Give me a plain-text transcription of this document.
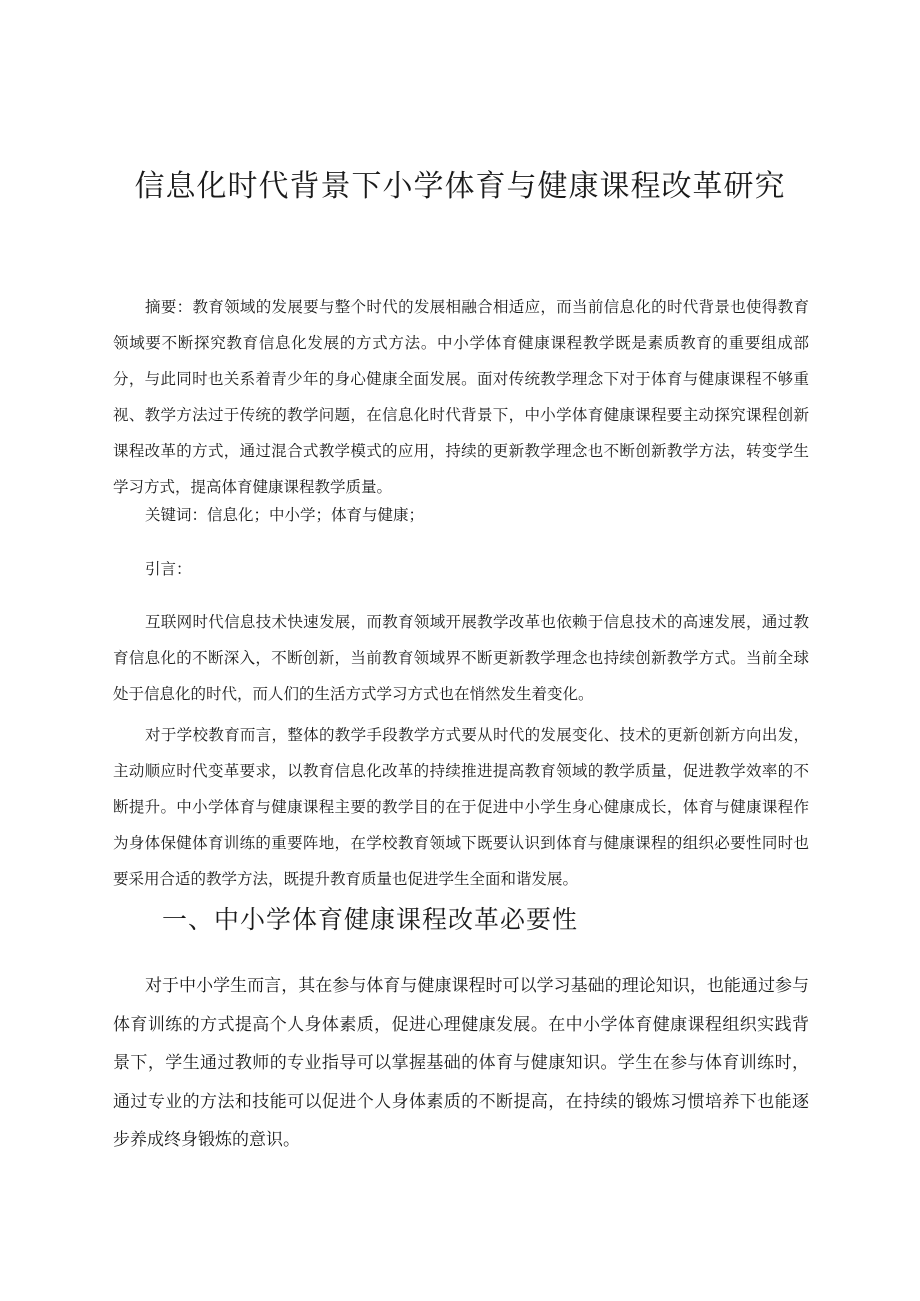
信息化时代背景下小学体育与健康课程改革研究

摘要：教育领域的发展要与整个时代的发展相融合相适应，而当前信息化的时代背景也使得教育领域要不断探究教育信息化发展的方式方法。中小学体育健康课程教学既是素质教育的重要组成部分，与此同时也关系着青少年的身心健康全面发展。面对传统教学理念下对于体育与健康课程不够重视、教学方法过于传统的教学问题，在信息化时代背景下，中小学体育健康课程要主动探究课程创新课程改革的方式，通过混合式教学模式的应用，持续的更新教学理念也不断创新教学方法，转变学生学习方式，提高体育健康课程教学质量。

关键词：信息化；中小学；体育与健康；

引言：

互联网时代信息技术快速发展，而教育领域开展教学改革也依赖于信息技术的高速发展，通过教育信息化的不断深入，不断创新，当前教育领域界不断更新教学理念也持续创新教学方式。当前全球处于信息化的时代，而人们的生活方式学习方式也在悄然发生着变化。

对于学校教育而言，整体的教学手段教学方式要从时代的发展变化、技术的更新创新方向出发，主动顺应时代变革要求，以教育信息化改革的持续推进提高教育领域的教学质量，促进教学效率的不断提升。中小学体育与健康课程主要的教学目的在于促进中小学生身心健康成长，体育与健康课程作为身体保健体育训练的重要阵地，在学校教育领域下既要认识到体育与健康课程的组织必要性同时也要采用合适的教学方法，既提升教育质量也促进学生全面和谐发展。

一、中小学体育健康课程改革必要性

对于中小学生而言，其在参与体育与健康课程时可以学习基础的理论知识，也能通过参与体育训练的方式提高个人身体素质，促进心理健康发展。在中小学体育健康课程组织实践背景下，学生通过教师的专业指导可以掌握基础的体育与健康知识。学生在参与体育训练时，通过专业的方法和技能可以促进个人身体素质的不断提高，在持续的锻炼习惯培养下也能逐步养成终身锻炼的意识。
